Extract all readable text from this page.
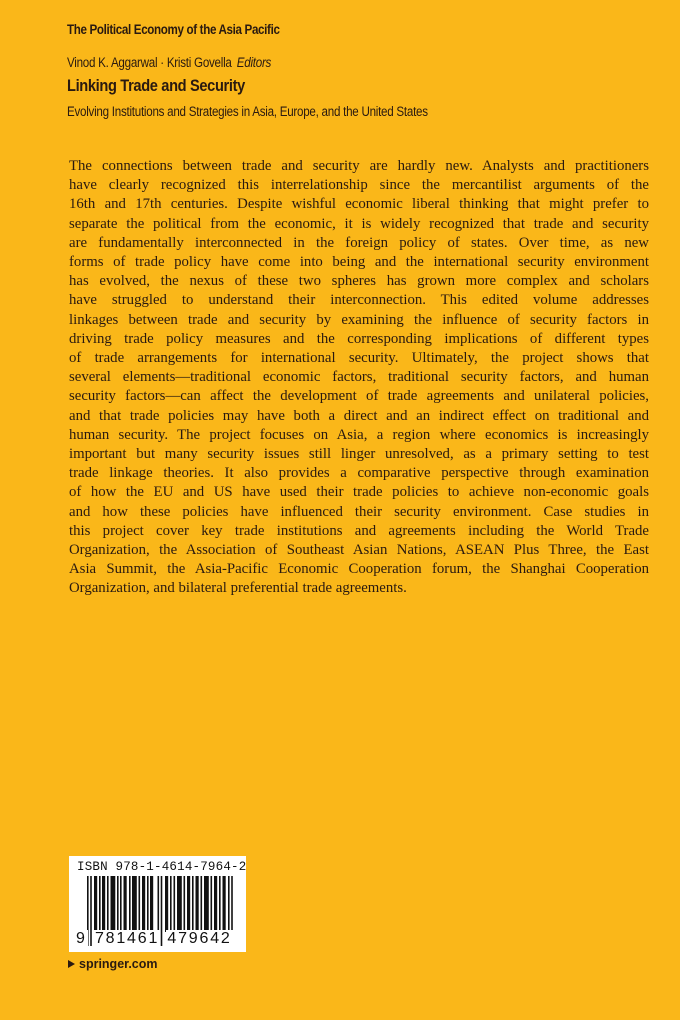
The Political Economy of the Asia Pacific
Vinod K. Aggarwal · Kristi Govella Editors
Linking Trade and Security
Evolving Institutions and Strategies in Asia, Europe, and the United States
The connections between trade and security are hardly new. Analysts and practitioners
have clearly recognized this interrelationship since the mercantilist arguments of the
16th and 17th centuries. Despite wishful economic liberal thinking that might prefer to
separate the political from the economic, it is widely recognized that trade and security
are fundamentally interconnected in the foreign policy of states. Over time, as new
forms of trade policy have come into being and the international security environment
has evolved, the nexus of these two spheres has grown more complex and scholars
have struggled to understand their interconnection. This edited volume addresses
linkages between trade and security by examining the influence of security factors in
driving trade policy measures and the corresponding implications of different types
of trade arrangements for international security. Ultimately, the project shows that
several elements—traditional economic factors, traditional security factors, and human
security factors—can affect the development of trade agreements and unilateral policies,
and that trade policies may have both a direct and an indirect effect on traditional and
human security. The project focuses on Asia, a region where economics is increasingly
important but many security issues still linger unresolved, as a primary setting to test
trade linkage theories. It also provides a comparative perspective through examination
of how the EU and US have used their trade policies to achieve non-economic goals
and how these policies have influenced their security environment. Case studies in
this project cover key trade institutions and agreements including the World Trade
Organization, the Association of Southeast Asian Nations, ASEAN Plus Three, the East
Asia Summit, the Asia-Pacific Economic Cooperation forum, the Shanghai Cooperation
Organization, and bilateral preferential trade agreements.
ISBN 978-1-4614-7964-2
9 781461 479642
springer.com
